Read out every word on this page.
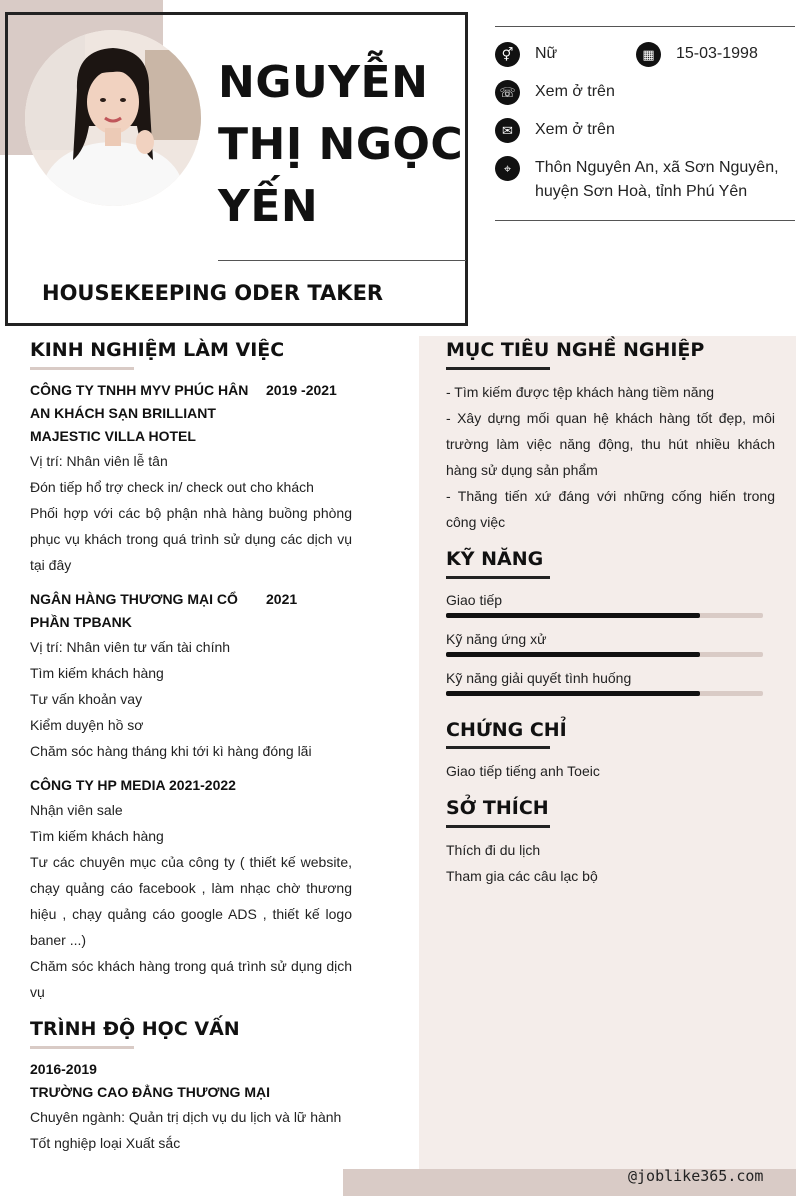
NGUYỄN
THỊ NGỌC
YẾN
HOUSEKEEPING ODER TAKER
⚥	Nữ	▦	15-03-1998
☏ Xem ở trên
✉	Xem ở trên
⌖	Thôn Nguyên An, xã Sơn Nguyên,
huyện Sơn Hoà, tỉnh Phú Yên
@joblike365.com
KINH NGHIỆM LÀM VIỆC
CÔNG TY TNHH MYV PHÚC HÂN 2019 -2021
AN KHÁCH SẠN BRILLIANT
MAJESTIC VILLA HOTEL
Vị trí: Nhân viên lễ tân
Đón tiếp hổ trợ check in/ check out cho khách
Phối hợp với các bộ phận nhà hàng buồng phòng phục vụ khách trong quá trình sử dụng các dịch vụ tại đây
NGÂN HÀNG THƯƠNG MẠI CỔ 2021
PHẦN TPBANK
Vị trí: Nhân viên tư vấn tài chính
Tìm kiếm khách hàng
Tư vấn khoản vay
Kiểm duyện hồ sơ
Chăm sóc hàng tháng khi tới kì hàng đóng lãi
CÔNG TY HP MEDIA 2021-2022
Nhận viên sale
Tìm kiếm khách hàng
Tư các chuyên mục của công ty ( thiết kế website, chạy quảng cáo facebook , làm nhạc chờ thương hiệu , chạy quảng cáo google ADS , thiết kế logo baner ...)
Chăm sóc khách hàng trong quá trình sử dụng dịch vụ
TRÌNH ĐỘ HỌC VẤN
2016-2019
TRƯỜNG CAO ĐẲNG THƯƠNG MẠI
Chuyên ngành: Quản trị dịch vụ du lịch và lữ hành
Tốt nghiệp loại Xuất sắc
MỤC TIÊU NGHỀ NGHIỆP
- Tìm kiếm được tệp khách hàng tiềm năng
- Xây dựng mối quan hệ khách hàng tốt đẹp, môi trường làm việc năng động, thu hút nhiều khách hàng sử dụng sản phẩm
- Thăng tiến xứ đáng với những cống hiến trong công việc
KỸ NĂNG
Giao tiếp
Kỹ năng ứng xử
Kỹ năng giải quyết tình huống
CHỨNG CHỈ
Giao tiếp tiếng anh Toeic
SỞ THÍCH
Thích đi du lịch
Tham gia các câu lạc bộ
